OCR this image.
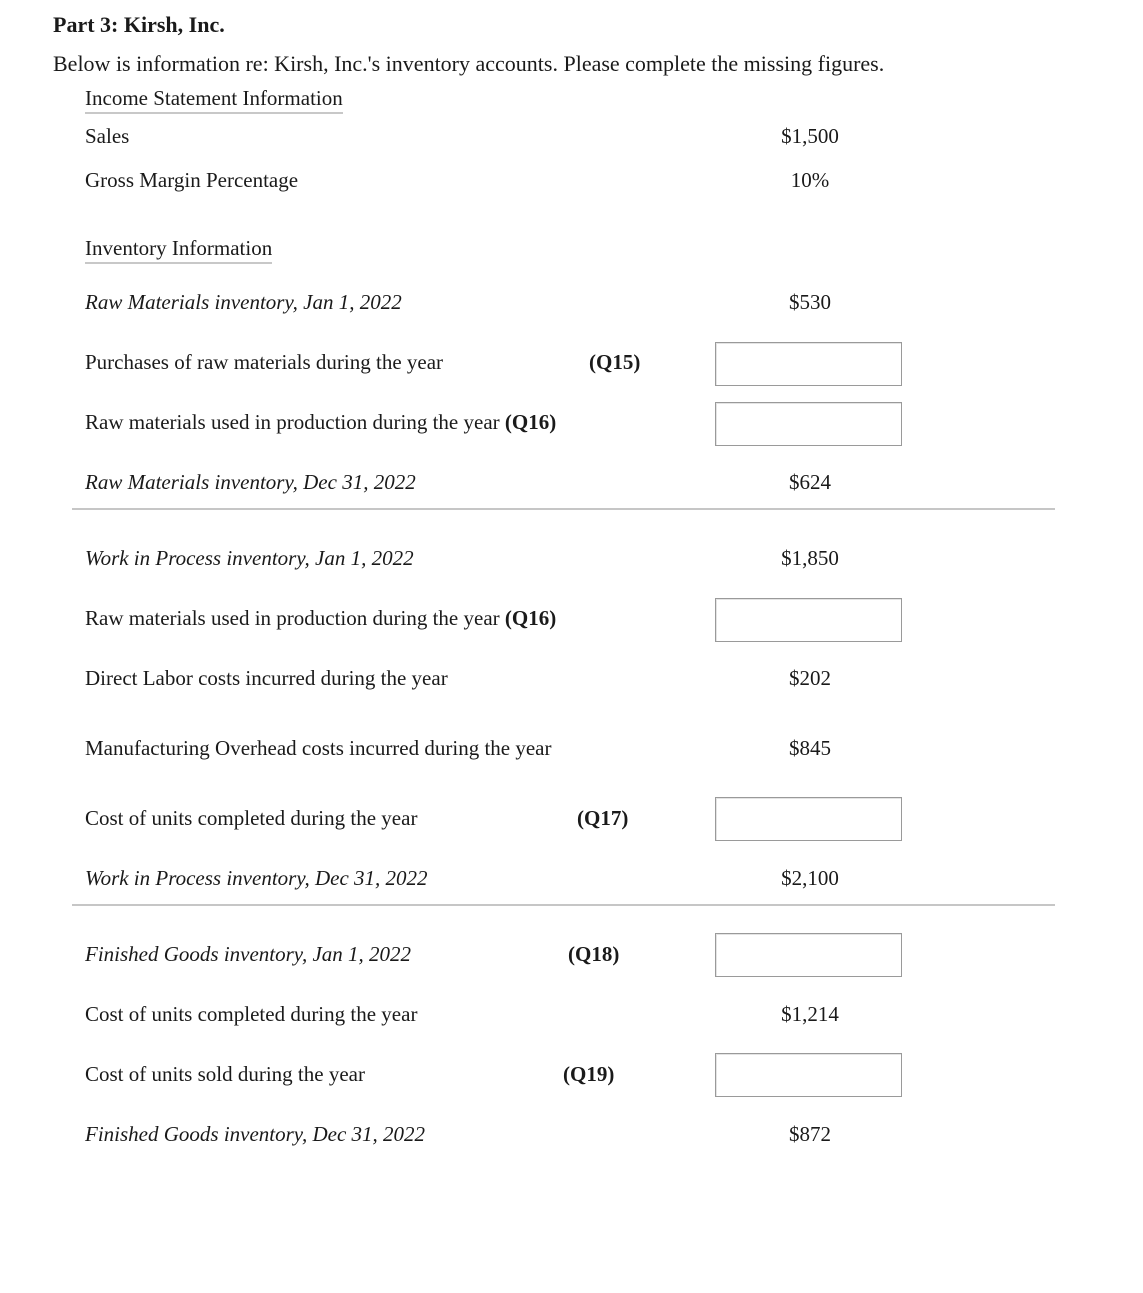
Part 3: Kirsh, Inc.
Below is information re: Kirsh, Inc.'s inventory accounts. Please complete the missing figures.
Income Statement Information
Sales	$1,500
Gross Margin Percentage	10%
Inventory Information
Raw Materials inventory, Jan 1, 2022	$530
Purchases of raw materials during the year	(Q15)
Raw materials used in production during the year (Q16)
Raw Materials inventory, Dec 31, 2022	$624
Work in Process inventory, Jan 1, 2022	$1,850
Raw materials used in production during the year (Q16)
Direct Labor costs incurred during the year	$202
Manufacturing Overhead costs incurred during the year	$845
Cost of units completed during the year	(Q17)
Work in Process inventory, Dec 31, 2022	$2,100
Finished Goods inventory, Jan 1, 2022	(Q18)
Cost of units completed during the year	$1,214
Cost of units sold during the year	(Q19)
Finished Goods inventory, Dec 31, 2022	$872
